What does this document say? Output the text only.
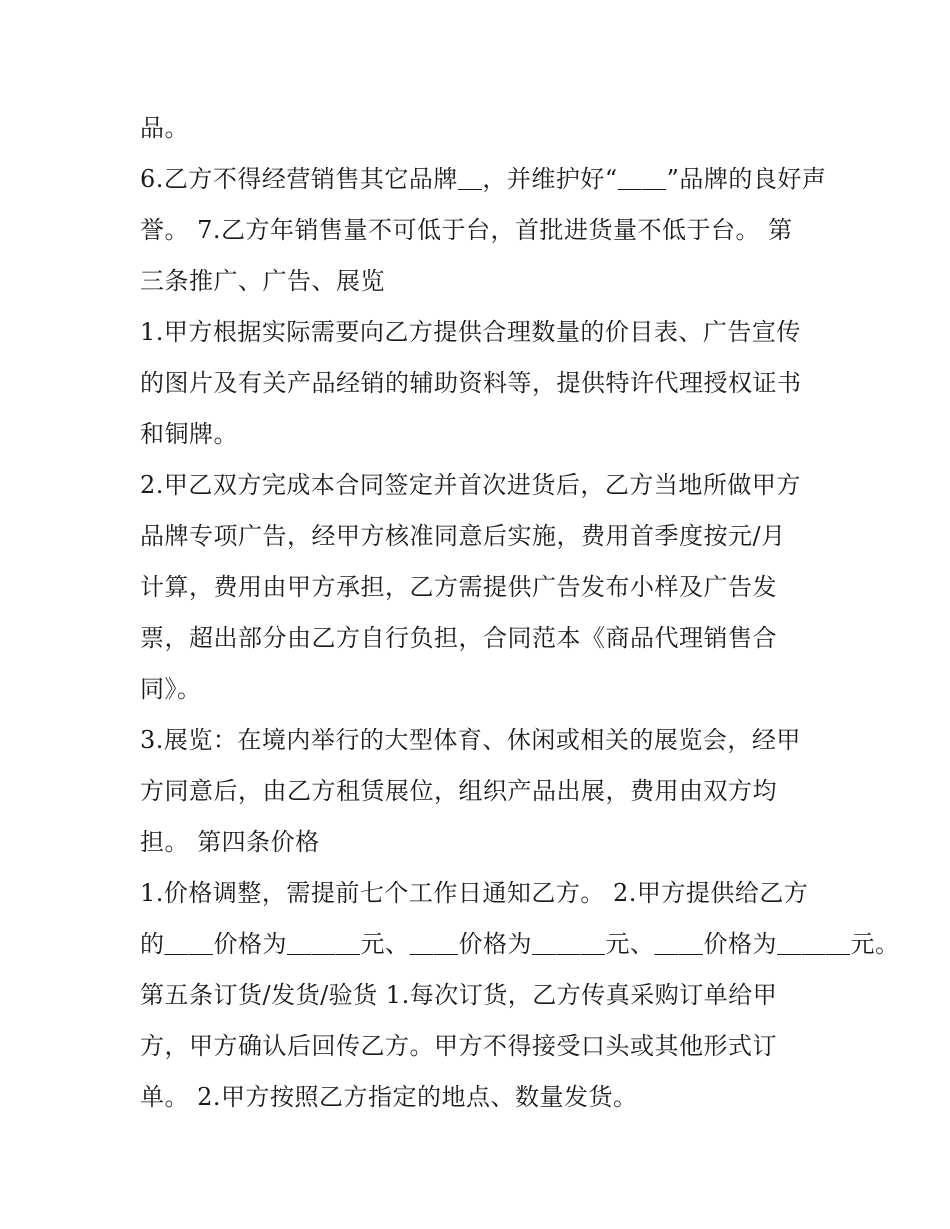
品。
6.乙方不得经营销售其它品牌＿，并维护好“＿＿”品牌的良好声
誉。 7.乙方年销售量不可低于台，首批进货量不低于台。 第
三条推广、广告、展览
1.甲方根据实际需要向乙方提供合理数量的价目表、广告宣传
的图片及有关产品经销的辅助资料等，提供特许代理授权证书
和铜牌。
2.甲乙双方完成本合同签定并首次进货后，乙方当地所做甲方
品牌专项广告，经甲方核准同意后实施，费用首季度按元/月
计算，费用由甲方承担，乙方需提供广告发布小样及广告发
票，超出部分由乙方自行负担，合同范本《商品代理销售合
同》。
3.展览：在境内举行的大型体育、休闲或相关的展览会，经甲
方同意后，由乙方租赁展位，组织产品出展，费用由双方均
担。 第四条价格
1.价格调整，需提前七个工作日通知乙方。 2.甲方提供给乙方
的＿＿价格为＿＿＿元、＿＿价格为＿＿＿元、＿＿价格为＿＿＿元。
第五条订货/发货/验货 1.每次订货，乙方传真采购订单给甲
方，甲方确认后回传乙方。甲方不得接受口头或其他形式订
单。 2.甲方按照乙方指定的地点、数量发货。
